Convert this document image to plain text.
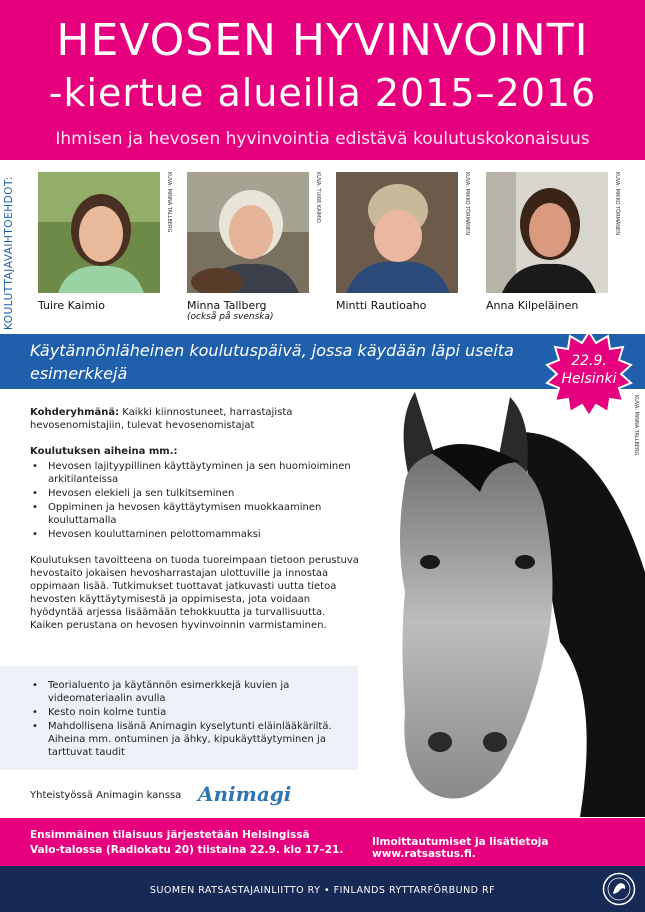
HEVOSEN HYVINVOINTI
-kiertue alueilla 2015–2016
Ihmisen ja hevosen hyvinvointia edistävä koulutuskokonaisuus
KOULUTTAJAVAIHTOEHDOT:	KUVA: MINNA TALLBERG
Tuire Kaimio
KUVA: TUIRE KAIMIO
Minna Tallberg
(också på svenska)
KUVA: MIKKO TÖRMÄNEN
Mintti Rautioaho
KUVA: MIKKO TÖRMÄNEN
Anna Kilpeläinen
Käytännönläheinen koulutuspäivä, jossa käydään läpi useita esimerkkejä
jokapäiväisistä tapahtumista hevosten kanssa.
22.9.
Helsinki
KUVA: MINNA TALLBERG
Kohderyhmänä: Kaikki kiinnostuneet, harrastajista hevosenomistajiin, tulevat hevosenomistajat
Koulutuksen aiheina mm.:
• Hevosen lajityypillinen käyttäytyminen ja sen huomioiminen arkitilanteissa
• Hevosen elekieli ja sen tulkitseminen
• Oppiminen ja hevosen käyttäytymisen muokkaaminen kouluttamalla
• Hevosen kouluttaminen pelottomammaksi
Koulutuksen tavoitteena on tuoda tuoreimpaan tietoon perustuva hevostaito jokaisen hevosharrastajan ulottuville ja innostaa oppimaan lisää. Tutkimukset tuottavat jatkuvasti uutta tietoa hevosten käyttäytymisestä ja oppimisesta, jota voidaan hyödyntää arjessa lisäämään tehokkuutta ja turvallisuutta. Kaiken perustana on hevosen hyvinvoinnin varmistaminen.
• Teorialuento ja käytännön esimerkkejä kuvien ja videomateriaalin avulla
• Kesto noin kolme tuntia
• Mahdollisena lisänä Animagin kyselytunti eläinlääkäriltä. Aiheina mm. ontuminen ja ähky, kipukäyttäytyminen ja tarttuvat taudit
Yhteistyössä Animagin kanssa Animagi
Ensimmäinen tilaisuus järjestetään Helsingissä
Valo-talossa (Radiokatu 20) tiistaina 22.9. klo 17–21.
Ilmoittautumiset ja lisätietoja www.ratsastus.fi.
SUOMEN RATSASTAJAINLIITTO RY • FINLANDS RYTTARFÖRBUND RF
